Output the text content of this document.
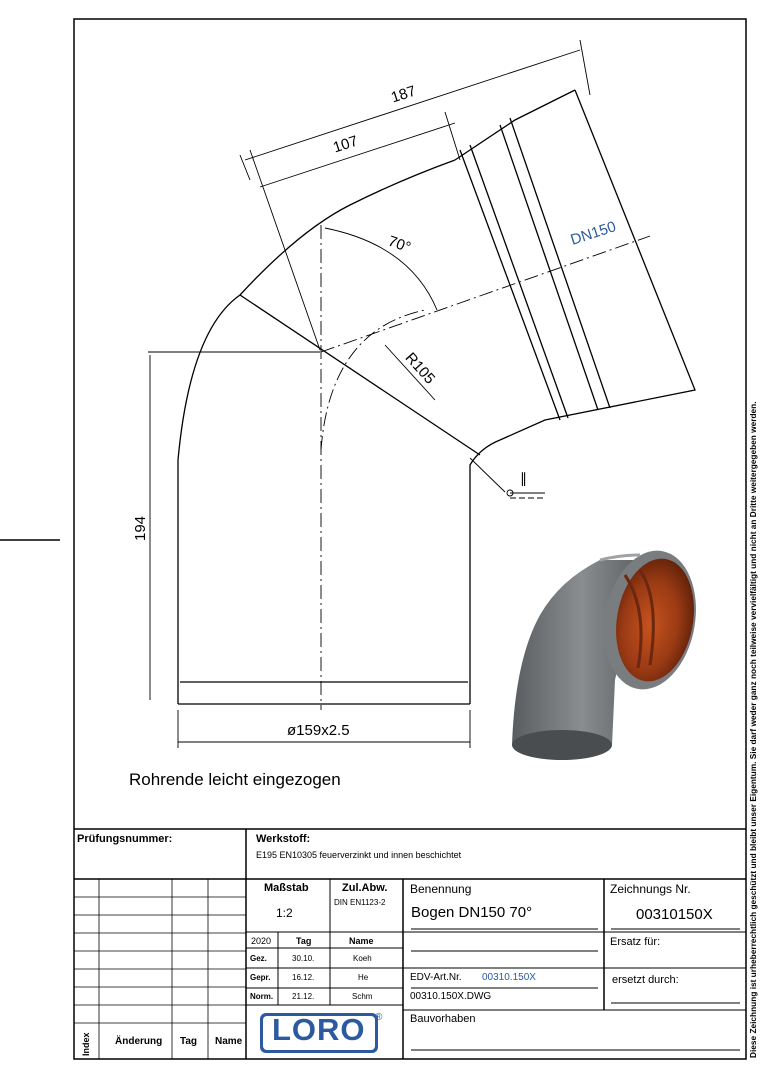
187
107
DN150
70°
R105
194
ø159x2.5
∥
Rohrende leicht eingezogen	Diese Zeichnung ist urheberrechtlich geschützt und bleibt unser Eigentum. Sie darf weder ganz noch teilweise vervielfältigt und nicht an Dritte weitergegeben werden.
Prüfungsnummer:	Werkstoff:
E195 EN10305 feuerverzinkt und innen beschichtet
Maßstab
1:2
Zul.Abw.
DIN EN1123-2
Benennung
Bogen DN150 70°
Zeichnungs Nr.
00310150X
2020	Tag	Name
Gez.	30.10.	Koeh
Gepr.	16.12.	He
Norm. 21.12.	Schm
Ersatz für:
ersetzt durch:
EDV-Art.Nr. 00310.150X
00310.150X.DWG
Bauvorhaben
LORO ®
Index Änderung Tag Name
